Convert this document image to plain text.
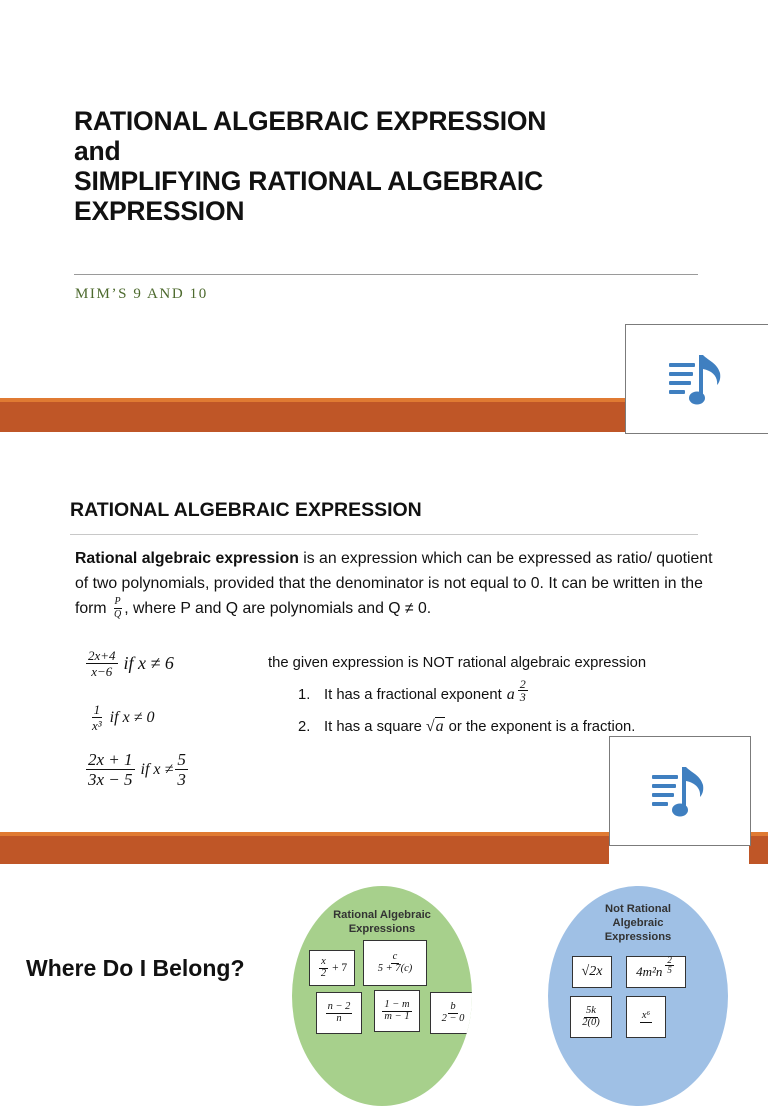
RATIONAL ALGEBRAIC EXPRESSION
and
SIMPLIFYING RATIONAL ALGEBRAIC
EXPRESSION
MIM’S 9 AND 10
RATIONAL ALGEBRAIC EXPRESSION
Rational algebraic expression is an expression which can be expressed as ratio/ quotient of two polynomials, provided that the denominator is not equal to 0. It can be written in the form $\frac{P}{Q}$ , where P and Q are polynomials and Q ≠ 0.
$\frac{2x+4}{x-6}$ if x ≠ 6
$\frac{1}{\text{x³}}$ if x ≠ 0
$\frac{2x + 1}{3x - 5}$ if $x \ne \frac{5}{3}$
the given expression is NOT rational algebraic expression
1. It has a fractional exponent a $\frac{2}{3}$
2. It has a square √a or the exponent is a fraction.
Where Do I Belong?
Rational Algebraic
Expressions
$\frac{x}{2} + 7$	$\frac{c}{5 + 7(c)}$
$\frac{n - 2}{n}$	$\frac{1 - m}{m - 1}$	$\frac{b}{2 - 0}$
Not Rational
Algebraic
Expressions
√2x	$4m^2n \frac{2}{5}$
$\frac{5k}{2(0)}$	x⁶
